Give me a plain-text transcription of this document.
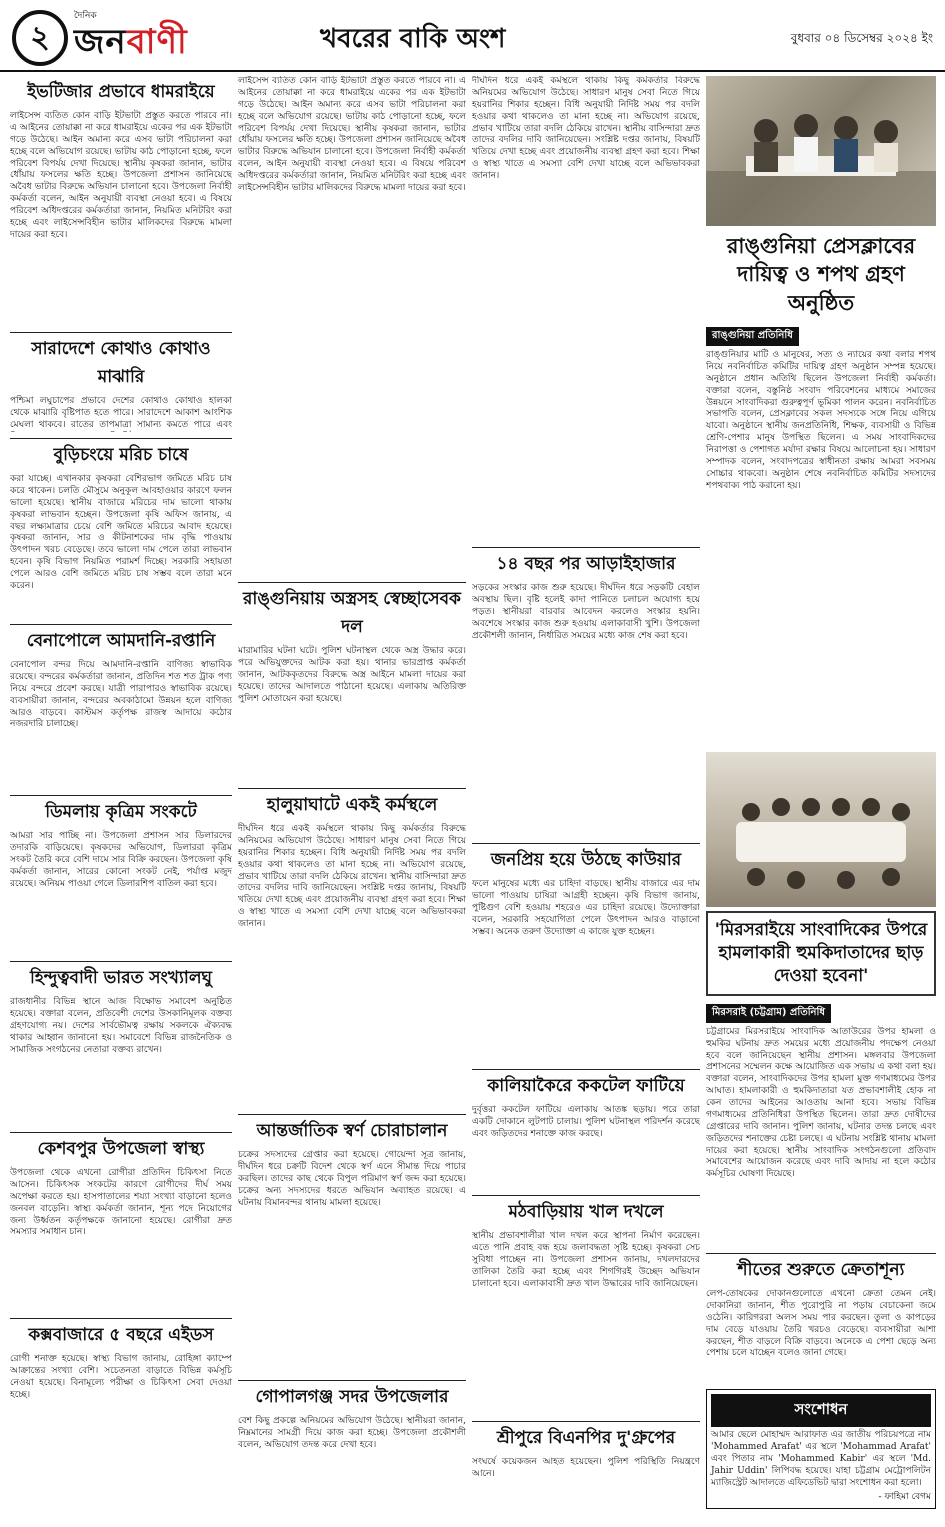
২
দৈনিক
জনবাণী	খবরের বাকি অংশ	বুধবার ০৪ ডিসেম্বর ২০২৪ ইং
ইভটিজার প্রভাবে ধামরাইয়ে
লাইসেন্স ব্যতিত কোন বাড়ি ইটভাটা প্রস্তুত করতে পারবে না। এ আইনের তোয়াক্কা না করে ধামরাইয়ে একের পর এক ইটভাটা গড়ে উঠেছে। আইন অমান্য করে এসব ভাটা পরিচালনা করা হচ্ছে বলে অভিযোগ রয়েছে। ভাটায় কাঠ পোড়ানো হচ্ছে, ফলে পরিবেশ বিপর্যয় দেখা দিয়েছে। স্থানীয় কৃষকরা জানান, ভাটার ধোঁয়ায় ফসলের ক্ষতি হচ্ছে। উপজেলা প্রশাসন জানিয়েছে অবৈধ ভাটার বিরুদ্ধে অভিযান চালানো হবে। উপজেলা নির্বাহী কর্মকর্তা বলেন, আইন অনুযায়ী ব্যবস্থা নেওয়া হবে। এ বিষয়ে পরিবেশ অধিদপ্তরের কর্মকর্তারা জানান, নিয়মিত মনিটরিং করা হচ্ছে এবং লাইসেন্সবিহীন ভাটার মালিকদের বিরুদ্ধে মামলা দায়ের করা হবে।
সারাদেশে কোথাও কোথাও মাঝারি
পশ্চিমা লঘুচাপের প্রভাবে দেশের কোথাও কোথাও হালকা থেকে মাঝারি বৃষ্টিপাত হতে পারে। সারাদেশে আকাশ আংশিক মেঘলা থাকবে। রাতের তাপমাত্রা সামান্য কমতে পারে এবং
বুড়িচংয়ে মরিচ চাষে
করা যাচ্ছে। এখানকার কৃষকরা বেশিরভাগ জমিতে মরিচ চাষ করে থাকেন। চলতি মৌসুমে অনুকূল আবহাওয়ার কারণে ফলন ভালো হয়েছে। স্থানীয় বাজারে মরিচের দাম ভালো থাকায় কৃষকরা লাভবান হচ্ছেন। উপজেলা কৃষি অফিস জানায়, এ বছর লক্ষ্যমাত্রার চেয়ে বেশি জমিতে মরিচের আবাদ হয়েছে। কৃষকরা জানান, সার ও কীটনাশকের দাম বৃদ্ধি পাওয়ায় উৎপাদন খরচ বেড়েছে। তবে ভালো দাম পেলে তারা লাভবান হবেন। কৃষি বিভাগ নিয়মিত পরামর্শ দিচ্ছে। সরকারি সহায়তা পেলে আরও বেশি জমিতে মরিচ চাষ সম্ভব বলে তারা মনে করেন।
বেনাপোলে আমদানি-রপ্তানি
বেনাপোল বন্দর দিয়ে আমদানি-রপ্তানি বাণিজ্য স্বাভাবিক রয়েছে। বন্দরের কর্মকর্তারা জানান, প্রতিদিন শত শত ট্রাক পণ্য নিয়ে বন্দরে প্রবেশ করছে। যাত্রী পারাপারও স্বাভাবিক রয়েছে। ব্যবসায়ীরা জানান, বন্দরের অবকাঠামো উন্নয়ন হলে বাণিজ্য আরও বাড়বে। কাস্টমস কর্তৃপক্ষ রাজস্ব আদায়ে কঠোর নজরদারি চালাচ্ছে।
ডিমলায় কৃত্রিম সংকটে
আমরা সার পাচ্ছি না। উপজেলা প্রশাসন সার ডিলারদের তদারকি বাড়িয়েছে। কৃষকদের অভিযোগ, ডিলাররা কৃত্রিম সংকট তৈরি করে বেশি দামে সার বিক্রি করছেন। উপজেলা কৃষি কর্মকর্তা জানান, সারের কোনো সংকট নেই, পর্যাপ্ত মজুদ রয়েছে। অনিয়ম পাওয়া গেলে ডিলারশিপ বাতিল করা হবে।
হিন্দুত্ববাদী ভারত সংখ্যালঘু
রাজধানীর বিভিন্ন স্থানে আজ বিক্ষোভ সমাবেশ অনুষ্ঠিত হয়েছে। বক্তারা বলেন, প্রতিবেশী দেশের উসকানিমূলক বক্তব্য গ্রহণযোগ্য নয়। দেশের সার্বভৌমত্ব রক্ষায় সকলকে ঐক্যবদ্ধ থাকার আহ্বান জানানো হয়। সমাবেশে বিভিন্ন রাজনৈতিক ও সামাজিক সংগঠনের নেতারা বক্তব্য রাখেন।
কেশবপুর উপজেলা স্বাস্থ্য
উপজেলা থেকে এখনো রোগীরা প্রতিদিন চিকিৎসা নিতে আসেন। চিকিৎসক সংকটের কারণে রোগীদের দীর্ঘ সময় অপেক্ষা করতে হয়। হাসপাতালের শয্যা সংখ্যা বাড়ানো হলেও জনবল বাড়েনি। স্বাস্থ্য কর্মকর্তা জানান, শূন্য পদে নিয়োগের জন্য উর্ধ্বতন কর্তৃপক্ষকে জানানো হয়েছে। রোগীরা দ্রুত সমস্যার সমাধান চান।
কক্সবাজারে ৫ বছরে এইডস
রোগী শনাক্ত হয়েছে। স্বাস্থ্য বিভাগ জানায়, রোহিঙ্গা ক্যাম্পে আক্রান্তের সংখ্যা বেশি। সচেতনতা বাড়াতে বিভিন্ন কর্মসূচি নেওয়া হয়েছে। বিনামূল্যে পরীক্ষা ও চিকিৎসা সেবা দেওয়া হচ্ছে।
লাইসেন্স ব্যতিত কোন বাড়ি ইটভাটা প্রস্তুত করতে পারবে না। এ আইনের তোয়াক্কা না করে ধামরাইয়ে একের পর এক ইটভাটা গড়ে উঠেছে। আইন অমান্য করে এসব ভাটা পরিচালনা করা হচ্ছে বলে অভিযোগ রয়েছে। ভাটায় কাঠ পোড়ানো হচ্ছে, ফলে পরিবেশ বিপর্যয় দেখা দিয়েছে। স্থানীয় কৃষকরা জানান, ভাটার ধোঁয়ায় ফসলের ক্ষতি হচ্ছে। উপজেলা প্রশাসন জানিয়েছে অবৈধ ভাটার বিরুদ্ধে অভিযান চালানো হবে। উপজেলা নির্বাহী কর্মকর্তা বলেন, আইন অনুযায়ী ব্যবস্থা নেওয়া হবে। এ বিষয়ে পরিবেশ অধিদপ্তরের কর্মকর্তারা জানান, নিয়মিত মনিটরিং করা হচ্ছে এবং লাইসেন্সবিহীন ভাটার মালিকদের বিরুদ্ধে মামলা দায়ের করা হবে।
রাঙ্গুনিয়ায় অস্ত্রসহ স্বেচ্ছাসেবক দল
মারামারির ঘটনা ঘটে। পুলিশ ঘটনাস্থল থেকে অস্ত্র উদ্ধার করে। পরে অভিযুক্তদের আটক করা হয়। থানার ভারপ্রাপ্ত কর্মকর্তা জানান, আটককৃতদের বিরুদ্ধে অস্ত্র আইনে মামলা দায়ের করা হয়েছে। তাদের আদালতে পাঠানো হয়েছে। এলাকায় অতিরিক্ত পুলিশ মোতায়েন করা হয়েছে।
হালুয়াঘাটে একই কর্মস্থলে
দীর্ঘদিন ধরে একই কর্মস্থলে থাকায় কিছু কর্মকর্তার বিরুদ্ধে অনিয়মের অভিযোগ উঠেছে। সাধারণ মানুষ সেবা নিতে গিয়ে হয়রানির শিকার হচ্ছেন। বিধি অনুযায়ী নির্দিষ্ট সময় পর বদলি হওয়ার কথা থাকলেও তা মানা হচ্ছে না। অভিযোগ রয়েছে, প্রভাব খাটিয়ে তারা বদলি ঠেকিয়ে রাখেন। স্থানীয় বাসিন্দারা দ্রুত তাদের বদলির দাবি জানিয়েছেন। সংশ্লিষ্ট দপ্তর জানায়, বিষয়টি খতিয়ে দেখা হচ্ছে এবং প্রয়োজনীয় ব্যবস্থা গ্রহণ করা হবে। শিক্ষা ও স্বাস্থ্য খাতে এ সমস্যা বেশি দেখা যাচ্ছে বলে অভিভাবকরা জানান।
আন্তর্জাতিক স্বর্ণ চোরাচালান
চক্রের সদস্যদের গ্রেপ্তার করা হয়েছে। গোয়েন্দা সূত্র জানায়, দীর্ঘদিন ধরে চক্রটি বিদেশ থেকে স্বর্ণ এনে সীমান্ত দিয়ে পাচার করছিল। তাদের কাছ থেকে বিপুল পরিমাণ স্বর্ণ জব্দ করা হয়েছে। চক্রের অন্য সদস্যদের ধরতে অভিযান অব্যাহত রয়েছে। এ ঘটনায় বিমানবন্দর থানায় মামলা হয়েছে।
গোপালগঞ্জ সদর উপজেলার
বেশ কিছু প্রকল্পে অনিয়মের অভিযোগ উঠেছে। স্থানীয়রা জানান, নিম্নমানের সামগ্রী দিয়ে কাজ করা হচ্ছে। উপজেলা প্রকৌশলী বলেন, অভিযোগ তদন্ত করে দেখা হবে।
দীর্ঘদিন ধরে একই কর্মস্থলে থাকায় কিছু কর্মকর্তার বিরুদ্ধে অনিয়মের অভিযোগ উঠেছে। সাধারণ মানুষ সেবা নিতে গিয়ে হয়রানির শিকার হচ্ছেন। বিধি অনুযায়ী নির্দিষ্ট সময় পর বদলি হওয়ার কথা থাকলেও তা মানা হচ্ছে না। অভিযোগ রয়েছে, প্রভাব খাটিয়ে তারা বদলি ঠেকিয়ে রাখেন। স্থানীয় বাসিন্দারা দ্রুত তাদের বদলির দাবি জানিয়েছেন। সংশ্লিষ্ট দপ্তর জানায়, বিষয়টি খতিয়ে দেখা হচ্ছে এবং প্রয়োজনীয় ব্যবস্থা গ্রহণ করা হবে। শিক্ষা ও স্বাস্থ্য খাতে এ সমস্যা বেশি দেখা যাচ্ছে বলে অভিভাবকরা জানান।
১৪ বছর পর আড়াইহাজার
সড়কের সংস্কার কাজ শুরু হয়েছে। দীর্ঘদিন ধরে সড়কটি বেহাল অবস্থায় ছিল। বৃষ্টি হলেই কাদা পানিতে চলাচল অযোগ্য হয়ে পড়ত। স্থানীয়রা বারবার আবেদন করলেও সংস্কার হয়নি। অবশেষে সংস্কার কাজ শুরু হওয়ায় এলাকাবাসী খুশি। উপজেলা প্রকৌশলী জানান, নির্ধারিত সময়ের মধ্যে কাজ শেষ করা হবে।
জনপ্রিয় হয়ে উঠছে কাউয়ার
ফলে মানুষের মধ্যে এর চাহিদা বাড়ছে। স্থানীয় বাজারে এর দাম ভালো পাওয়ায় চাষিরা আগ্রহী হচ্ছেন। কৃষি বিভাগ জানায়, পুষ্টিগুণ বেশি হওয়ায় শহরেও এর চাহিদা রয়েছে। উদ্যোক্তারা বলেন, সরকারি সহযোগিতা পেলে উৎপাদন আরও বাড়ানো সম্ভব। অনেক তরুণ উদ্যোক্তা এ কাজে যুক্ত হচ্ছেন।
কালিয়াকৈরে ককটেল ফাটিয়ে
দুর্বৃত্তরা ককটেল ফাটিয়ে এলাকায় আতঙ্ক ছড়ায়। পরে তারা একটি দোকানে লুটপাট চালায়। পুলিশ ঘটনাস্থল পরিদর্শন করেছে এবং জড়িতদের শনাক্তে কাজ করছে।
মঠবাড়িয়ায় খাল দখলে
স্থানীয় প্রভাবশালীরা খাল দখল করে স্থাপনা নির্মাণ করেছেন। এতে পানি প্রবাহ বন্ধ হয়ে জলাবদ্ধতা সৃষ্টি হচ্ছে। কৃষকরা সেচ সুবিধা পাচ্ছেন না। উপজেলা প্রশাসন জানায়, দখলদারদের তালিকা তৈরি করা হচ্ছে এবং শিগগিরই উচ্ছেদ অভিযান চালানো হবে। এলাকাবাসী দ্রুত খাল উদ্ধারের দাবি জানিয়েছেন।
শ্রীপুরে বিএনপির দু'গ্রুপের
সংঘর্ষে কয়েকজন আহত হয়েছেন। পুলিশ পরিস্থিতি নিয়ন্ত্রণে আনে।
রাঙ্গুনিয়া প্রেসক্লাবের দায়িত্ব ও শপথ গ্রহণ অনুষ্ঠিত
রাঙ্গুনিয়া প্রতিনিধি
রাঙ্গুনিয়ার মাটি ও মানুষের, সত্য ও ন্যায়ের কথা বলার শপথ নিয়ে নবনির্বাচিত কমিটির দায়িত্ব গ্রহণ অনুষ্ঠান সম্পন্ন হয়েছে। অনুষ্ঠানে প্রধান অতিথি ছিলেন উপজেলা নির্বাহী কর্মকর্তা। বক্তারা বলেন, বস্তুনিষ্ঠ সংবাদ পরিবেশনের মাধ্যমে সমাজের উন্নয়নে সাংবাদিকরা গুরুত্বপূর্ণ ভূমিকা পালন করেন। নবনির্বাচিত সভাপতি বলেন, প্রেসক্লাবের সকল সদস্যকে সঙ্গে নিয়ে এগিয়ে যাবো। অনুষ্ঠানে স্থানীয় জনপ্রতিনিধি, শিক্ষক, ব্যবসায়ী ও বিভিন্ন শ্রেণি-পেশার মানুষ উপস্থিত ছিলেন। এ সময় সাংবাদিকদের নিরাপত্তা ও পেশাগত মর্যাদা রক্ষার বিষয়ে আলোচনা হয়। সাধারণ সম্পাদক বলেন, সংবাদপত্রের স্বাধীনতা রক্ষায় আমরা সবসময় সোচ্চার থাকবো। অনুষ্ঠান শেষে নবনির্বাচিত কমিটির সদস্যদের শপথবাক্য পাঠ করানো হয়।
'মিরসরাইয়ে সাংবাদিকের উপরে হামলাকারী হুমকিদাতাদের ছাড় দেওয়া হবেনা'
মিরসরাই (চট্টগ্রাম) প্রতিনিধি
চট্টগ্রামের মিরসরাইয়ে সাংবাদিক আতাউরের উপর হামলা ও হুমকির ঘটনায় দ্রুত সময়ের মধ্যে প্রয়োজনীয় পদক্ষেপ নেওয়া হবে বলে জানিয়েছেন স্থানীয় প্রশাসন। মঙ্গলবার উপজেলা প্রশাসনের সম্মেলন কক্ষে আয়োজিত এক সভায় এ কথা বলা হয়। বক্তারা বলেন, সাংবাদিকদের উপর হামলা মুক্ত গণমাধ্যমের উপর আঘাত। হামলাকারী ও হুমকিদাতারা যত প্রভাবশালীই হোক না কেন তাদের আইনের আওতায় আনা হবে। সভায় বিভিন্ন গণমাধ্যমের প্রতিনিধিরা উপস্থিত ছিলেন। তারা দ্রুত দোষীদের গ্রেপ্তারের দাবি জানান। পুলিশ জানায়, ঘটনার তদন্ত চলছে এবং জড়িতদের শনাক্তের চেষ্টা চলছে। এ ঘটনায় সংশ্লিষ্ট থানায় মামলা দায়ের করা হয়েছে। স্থানীয় সাংবাদিক সংগঠনগুলো প্রতিবাদ সমাবেশের আয়োজন করেছে এবং দাবি আদায় না হলে কঠোর কর্মসূচির ঘোষণা দিয়েছে।
শীতের শুরুতে ক্রেতাশূন্য
লেপ-তোষকের দোকানগুলোতে এখনো ক্রেতা তেমন নেই। দোকানিরা জানান, শীত পুরোপুরি না পড়ায় বেচাকেনা জমে ওঠেনি। কারিগররা অলস সময় পার করছেন। তুলা ও কাপড়ের দাম বেড়ে যাওয়ায় তৈরি খরচও বেড়েছে। ব্যবসায়ীরা আশা করছেন, শীত বাড়লে বিক্রি বাড়বে। অনেকে এ পেশা ছেড়ে অন্য পেশায় চলে যাচ্ছেন বলেও জানা গেছে।
সংশোধন
আমার ছেলে মোহাম্মদ আরাফাত এর জাতীয় পরিচয়পত্রে নাম 'Mohammed Arafat' এর স্থলে 'Mohammad Arafat' এবং পিতার নাম 'Mohammed Kabir' এর স্থলে 'Md. Jahir Uddin' লিপিবদ্ধ হয়েছে। যাহা চট্টগ্রাম মেট্রোপলিটন ম্যাজিস্ট্রেট আদালতে এফিডেভিট দ্বারা সংশোধন করা হলো।
- ফাহিমা বেগম
